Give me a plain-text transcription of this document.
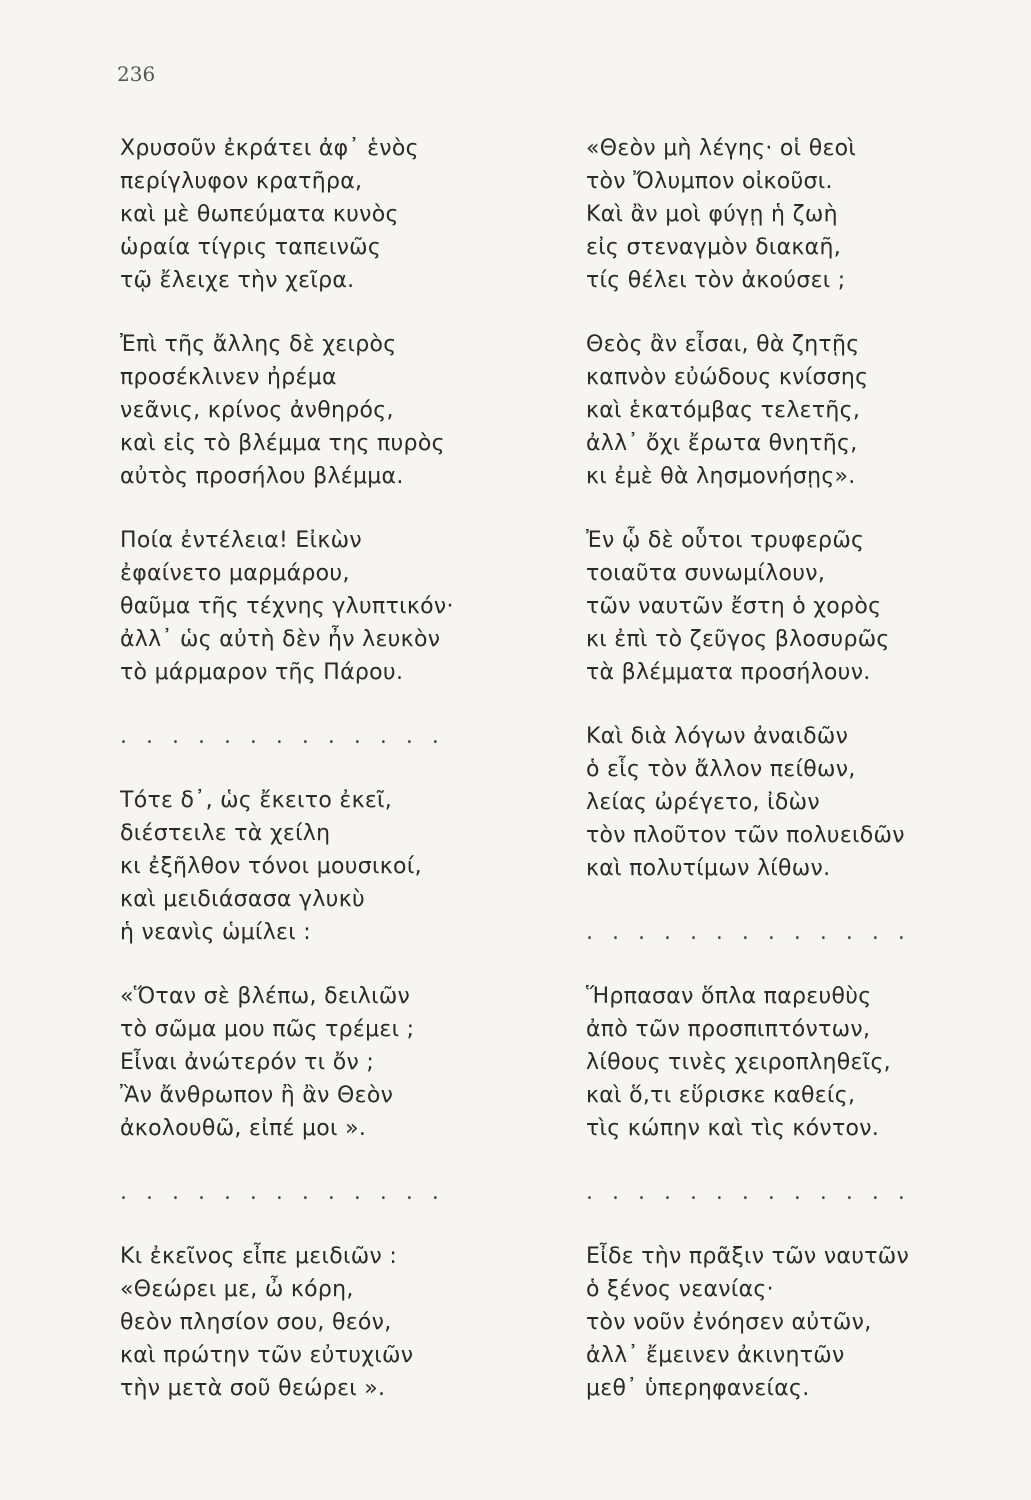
236
Χρυσοῦν ἐκράτει ἀφ᾽ ἑνὸς
περίγλυφον κρατῆρα,
καὶ μὲ θωπεύματα κυνὸς
ὡραία τίγρις ταπεινῶς
τῷ ἔλειχε τὴν χεῖρα.
Ἐπὶ τῆς ἄλλης δὲ χειρὸς
προσέκλινεν ἠρέμα
νεᾶνις, κρίνος ἀνθηρός,
καὶ εἰς τὸ βλέμμα της πυρὸς
αὐτὸς προσήλου βλέμμα.
Ποία ἐντέλεια! Εἰκὼν
ἐφαίνετο μαρμάρου,
θαῦμα τῆς τέχνης γλυπτικόν·
ἀλλ᾽ ὡς αὐτὴ δὲν ἦν λευκὸν
τὸ μάρμαρον τῆς Πάρου.
. . . . . . . . . . . . .
Τότε δ᾽, ὡς ἔκειτο ἐκεῖ,
διέστειλε τὰ χείλη
κι ἐξῆλθον τόνοι μουσικοί,
καὶ μειδιάσασα γλυκὺ
ἡ νεανὶς ὡμίλει :
«Ὅταν σὲ βλέπω, δειλιῶν
τὸ σῶμα μου πῶς τρέμει ;
Εἶναι ἀνώτερόν τι ὄν ;
Ἂν ἄνθρωπον ἢ ἂν Θεὸν
ἀκολουθῶ, εἰπέ μοι ».
. . . . . . . . . . . . .
Κι ἐκεῖνος εἶπε μειδιῶν :
«Θεώρει με, ὦ κόρη,
θεὸν πλησίον σου, θεόν,
καὶ πρώτην τῶν εὐτυχιῶν
τὴν μετὰ σοῦ θεώρει ».
«Θεὸν μὴ λέγης· οἱ θεοὶ
τὸν Ὄλυμπον οἰκοῦσι.
Καὶ ἂν μοὶ φύγῃ ἡ ζωὴ
εἰς στεναγμὸν διακαῆ,
τίς θέλει τὸν ἀκούσει ;
Θεὸς ἂν εἶσαι, θὰ ζητῇς
καπνὸν εὐώδους κνίσσης
καὶ ἑκατόμβας τελετῆς,
ἀλλ᾽ ὄχι ἔρωτα θνητῆς,
κι ἐμὲ θὰ λησμονήσῃς».
Ἐν ᾧ δὲ οὗτοι τρυφερῶς
τοιαῦτα συνωμίλουν,
τῶν ναυτῶν ἔστη ὁ χορὸς
κι ἐπὶ τὸ ζεῦγος βλοσυρῶς
τὰ βλέμματα προσήλουν.
Καὶ διὰ λόγων ἀναιδῶν
ὁ εἷς τὸν ἄλλον πείθων,
λείας ὠρέγετο, ἰδὼν
τὸν πλοῦτον τῶν πολυειδῶν
καὶ πολυτίμων λίθων.
. . . . . . . . . . . . .
Ἥρπασαν ὅπλα παρευθὺς
ἀπὸ τῶν προσπιπτόντων,
λίθους τινὲς χειροπληθεῖς,
καὶ ὅ,τι εὕρισκε καθείς,
τὶς κώπην καὶ τὶς κόντον.
. . . . . . . . . . . . .
Εἶδε τὴν πρᾶξιν τῶν ναυτῶν
ὁ ξένος νεανίας·
τὸν νοῦν ἐνόησεν αὐτῶν,
ἀλλ᾽ ἔμεινεν ἀκινητῶν
μεθ᾽ ὑπερηφανείας.
